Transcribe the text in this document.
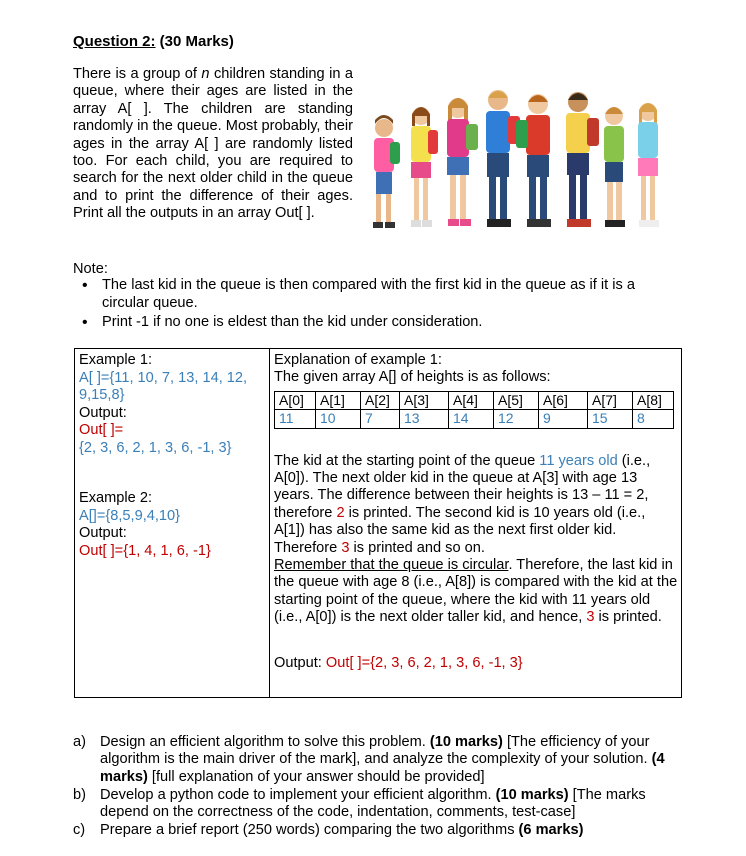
Question 2: (30 Marks)
There is a group of n children standing in a queue, where their ages are listed in the array A[ ]. The children are standing randomly in the queue. Most probably, their ages in the array A[ ] are randomly listed too. For each child, you are required to search for the next older child in the queue and to print the difference of their ages. Print all the outputs in an array Out[ ].
Note:
• The last kid in the queue is then compared with the first kid in the queue as if it is a circular queue.
• Print -1 if no one is eldest than the kid under consideration.
Example 1:
A[ ]={11, 10, 7, 13, 14, 12, 9,15,8}
Output:
Out[ ]=
{2, 3, 6, 2, 1, 3, 6, -1, 3}
Example 2:
A[]={8,5,9,4,10}
Output:
Out[ ]={1, 4, 1, 6, -1}
Explanation of example 1:
The given array A[] of heights is as follows:
A[0]	A[1]	A[2]	A[3]	A[4]	A[5]	A[6]	A[7]	A[8]
11	10	7	13	14	12	9	15	8
The kid at the starting point of the queue 11 years old (i.e., A[0]). The next older kid in the queue at A[3] with age 13 years. The difference between their heights is 13 – 11 = 2, therefore 2 is printed. The second kid is 10 years old (i.e., A[1]) has also the same kid as the next first older kid. Therefore 3 is printed and so on.
Remember that the queue is circular. Therefore, the last kid in the queue with age 8 (i.e., A[8]) is compared with the kid at the starting point of the queue, where the kid with 11 years old (i.e., A[0]) is the next older taller kid, and hence, 3 is printed.
Output: Out[ ]={2, 3, 6, 2, 1, 3, 6, -1, 3}
a) Design an efficient algorithm to solve this problem. (10 marks) [The efficiency of your algorithm is the main driver of the mark], and analyze the complexity of your solution. (4 marks) [full explanation of your answer should be provided]
b) Develop a python code to implement your efficient algorithm. (10 marks) [The marks depend on the correctness of the code, indentation, comments, test-case]
c) Prepare a brief report (250 words) comparing the two algorithms (6 marks)
